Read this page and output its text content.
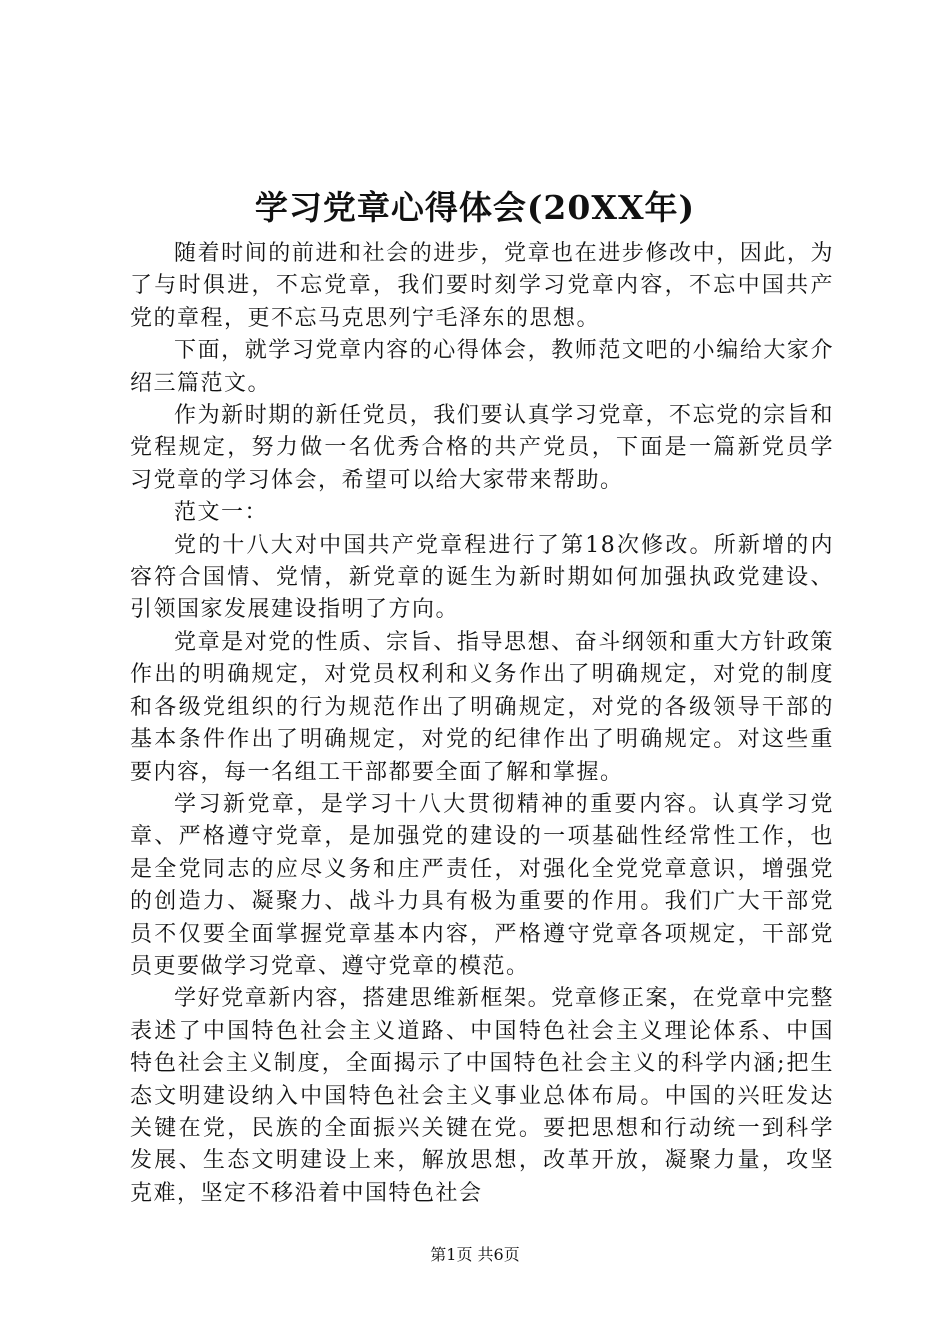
学习党章心得体会(20XX年)

随着时间的前进和社会的进步，党章也在进步修改中，因此，为了与时俱进，不忘党章，我们要时刻学习党章内容，不忘中国共产党的章程，更不忘马克思列宁毛泽东的思想。

下面，就学习党章内容的心得体会，教师范文吧的小编给大家介绍三篇范文。

作为新时期的新任党员，我们要认真学习党章，不忘党的宗旨和党程规定，努力做一名优秀合格的共产党员，下面是一篇新党员学习党章的学习体会，希望可以给大家带来帮助。

范文一：

党的十八大对中国共产党章程进行了第18次修改。所新增的内容符合国情、党情，新党章的诞生为新时期如何加强执政党建设、引领国家发展建设指明了方向。

党章是对党的性质、宗旨、指导思想、奋斗纲领和重大方针政策作出的明确规定，对党员权利和义务作出了明确规定，对党的制度和各级党组织的行为规范作出了明确规定，对党的各级领导干部的基本条件作出了明确规定，对党的纪律作出了明确规定。对这些重要内容，每一名组工干部都要全面了解和掌握。

学习新党章，是学习十八大贯彻精神的重要内容。认真学习党章、严格遵守党章，是加强党的建设的一项基础性经常性工作，也是全党同志的应尽义务和庄严责任，对强化全党党章意识，增强党的创造力、凝聚力、战斗力具有极为重要的作用。我们广大干部党员不仅要全面掌握党章基本内容，严格遵守党章各项规定，干部党员更要做学习党章、遵守党章的模范。

学好党章新内容，搭建思维新框架。党章修正案，在党章中完整表述了中国特色社会主义道路、中国特色社会主义理论体系、中国特色社会主义制度，全面揭示了中国特色社会主义的科学内涵;把生态文明建设纳入中国特色社会主义事业总体布局。中国的兴旺发达关键在党，民族的全面振兴关键在党。要把思想和行动统一到科学发展、生态文明建设上来，解放思想，改革开放，凝聚力量，攻坚克难，坚定不移沿着中国特色社会

第1页 共6页
